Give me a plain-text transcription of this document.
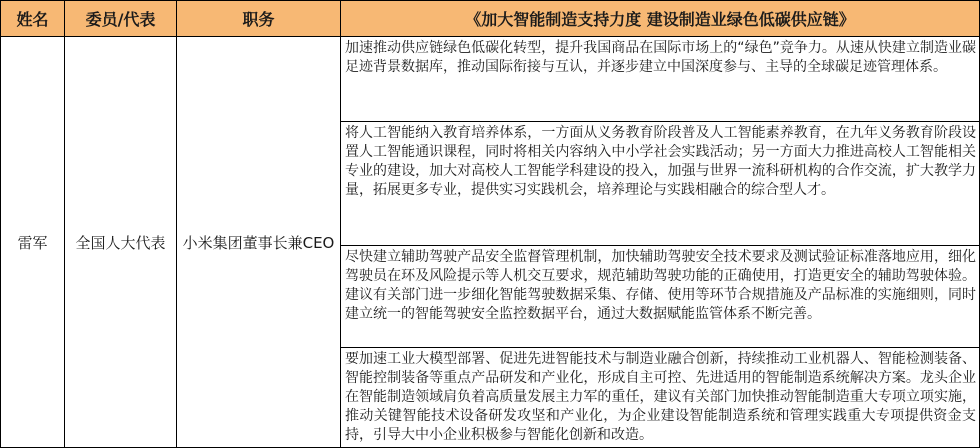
姓名	委员/代表	职务	《加大智能制造支持力度 建设制造业绿色低碳供应链》
雷军	全国人大代表	小米集团董事长兼CEO	加速推动供应链绿色低碳化转型，提升我国商品在国际市场上的“绿色”竞争力。从速从快建立制造业碳足迹背景数据库，推动国际衔接与互认，并逐步建立中国深度参与、主导的全球碳足迹管理体系。
			将人工智能纳入教育培养体系，一方面从义务教育阶段普及人工智能素养教育，在九年义务教育阶段设置人工智能通识课程，同时将相关内容纳入中小学社会实践活动；另一方面大力推进高校人工智能相关专业的建设，加大对高校人工智能学科建设的投入，加强与世界一流科研机构的合作交流，扩大教学力量，拓展更多专业，提供实习实践机会，培养理论与实践相融合的综合型人才。
			尽快建立辅助驾驶产品安全监督管理机制，加快辅助驾驶安全技术要求及测试验证标准落地应用，细化驾驶员在环及风险提示等人机交互要求，规范辅助驾驶功能的正确使用，打造更安全的辅助驾驶体验。建议有关部门进一步细化智能驾驶数据采集、存储、使用等环节合规措施及产品标准的实施细则，同时建立统一的智能驾驶安全监控数据平台，通过大数据赋能监管体系不断完善。
			要加速工业大模型部署、促进先进智能技术与制造业融合创新，持续推动工业机器人、智能检测装备、智能控制装备等重点产品研发和产业化，形成自主可控、先进适用的智能制造系统解决方案。龙头企业在智能制造领域肩负着高质量发展主力军的重任，建议有关部门加快推动智能制造重大专项立项实施，推动关键智能技术设备研发攻坚和产业化，为企业建设智能制造系统和管理实践重大专项提供资金支持，引导大中小企业积极参与智能化创新和改造。
